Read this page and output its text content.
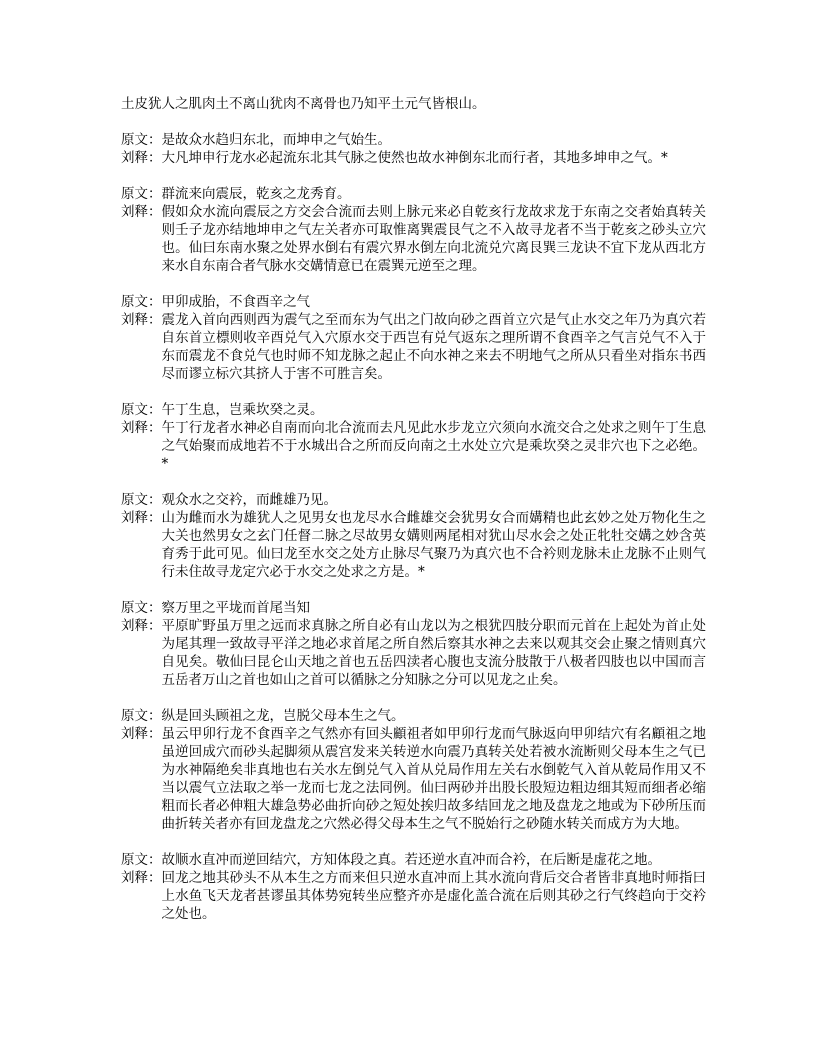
土皮犹人之肌肉土不离山犹肉不离骨也乃知平土元气皆根山。

原文： 是故众水趋归东北，而坤申之气始生。
刘释： 大凡坤申行龙水必起流东北其气脉之使然也故水神倒东北而行者，其地多坤申之气。*
原文： 群流来向震辰，乾亥之龙秀育。
刘释： 假如众水流向震辰之方交会合流而去则上脉元来必自乾亥行龙故求龙于东南之交者始真转关则壬子龙亦结地坤申之气左关者亦可取惟离巽震艮气之不入故寻龙者不当于乾亥之砂头立穴也。仙曰东南水聚之处界水倒右有震穴界水倒左向北流兑穴离艮巽三龙诀不宜下龙从西北方来水自东南合者气脉水交媾情意已在震巽元逆至之理。
原文： 甲卯成胎，不食酉辛之气
刘释： 震龙入首向西则西为震气之至而东为气出之门故向砂之酉首立穴是气止水交之年乃为真穴若自东首立標则收辛酉兑气入穴原水交于西岂有兑气返东之理所谓不食酉辛之气言兑气不入于东而震龙不食兑气也时师不知龙脉之起止不向水神之来去不明地气之所从只看坐对指东书西尽而谬立标穴其挤人于害不可胜言矣。
原文： 午丁生息，岂乘坎癸之灵。
刘释： 午丁行龙者水神必自南而向北合流而去凡见此水步龙立穴须向水流交合之处求之则午丁生息之气始聚而成地若不于水城出合之所而反向南之土水处立穴是乘坎癸之灵非穴也下之必绝。*
原文： 观众水之交衿，而雌雄乃见。
刘释： 山为雌而水为雄犹人之见男女也龙尽水合雌雄交会犹男女合而媾精也此玄妙之处万物化生之大关也然男女之玄门任督二脉之尽故男女媾则两尾相对犹山尽水会之处正牝牡交媾之妙含英育秀于此可见。仙曰龙至水交之处方止脉尽气聚乃为真穴也不合衿则龙脉未止龙脉不止则气行未住故寻龙定穴必于水交之处求之方是。*
原文： 察万里之平垅而首尾当知
刘释： 平原旷野虽万里之远而求真脉之所自必有山龙以为之根犹四肢分职而元首在上起处为首止处为尾其理一致故寻平洋之地必求首尾之所自然后察其水神之去来以观其交会止聚之情则真穴自见矣。敬仙曰昆仑山天地之首也五岳四渎者心腹也支流分肢散于八极者四肢也以中国而言五岳者万山之首也如山之首可以循脉之分知脉之分可以见龙之止矣。
原文： 纵是回头顾祖之龙，岂脱父母本生之气。
刘释： 虽云甲卯行龙不食酉辛之气然亦有回头顧祖者如甲卯行龙而气脉返向甲卯结穴有名顧祖之地虽逆回成穴而砂头起脚须从震宫发来关转逆水向震乃真转关处若被水流断则父母本生之气已为水神隔绝矣非真地也右关水左倒兑气入首从兑局作用左关右水倒乾气入首从乾局作用又不当以震气立法取之举一龙而七龙之法同例。仙曰两砂并出股长股短边粗边细其短而细者必缩粗而长者必伸粗大雄急势必曲折向砂之短处挨归故多结回龙之地及盘龙之地或为下砂所压而曲折转关者亦有回龙盘龙之穴然必得父母本生之气不脱始行之砂随水转关而成方为大地。
原文： 故顺水直冲而逆回结穴，方知体段之真。若还逆水直冲而合衿，在后断是虚花之地。
刘释： 回龙之地其砂头不从本生之方而来但只逆水直冲而上其水流向背后交合者皆非真地时师指曰上水鱼飞天龙者甚谬虽其体势宛转坐应整齐亦是虚化盖合流在后则其砂之行气终趋向于交衿之处也。
